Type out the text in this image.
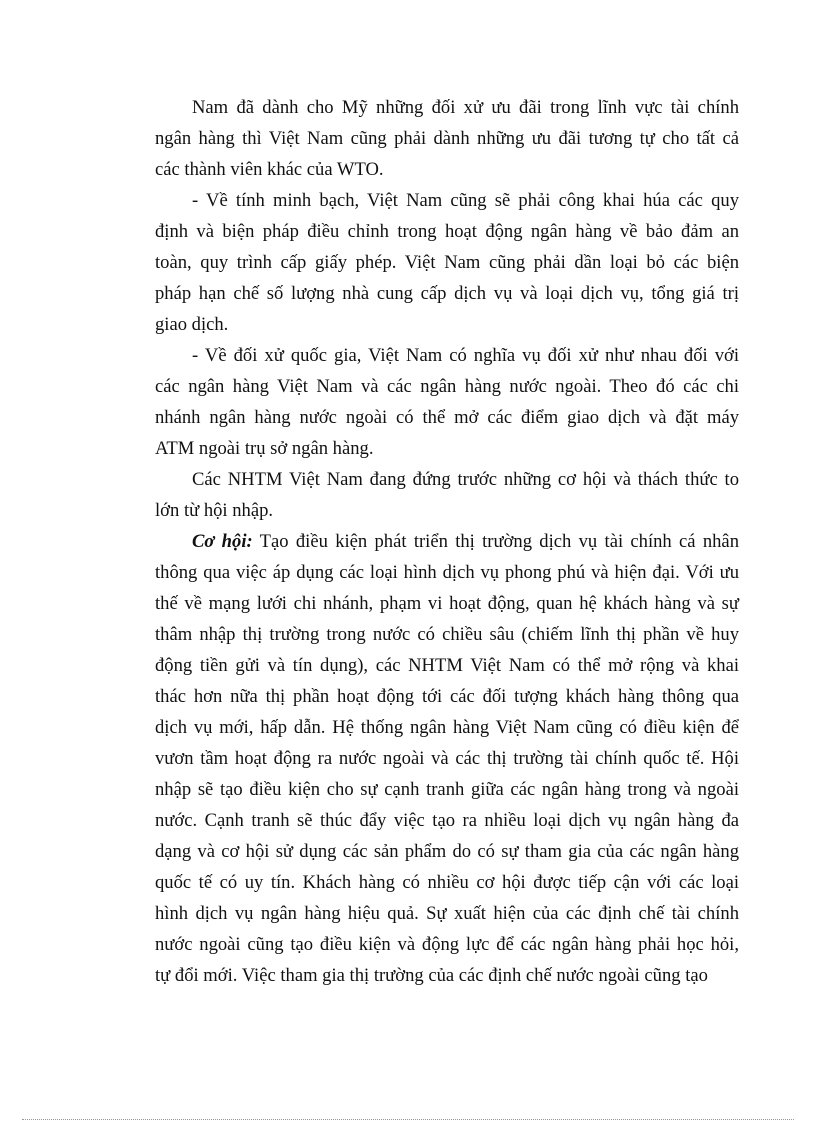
Nam đã dành cho Mỹ những đối xử ưu đãi trong lĩnh vực tài chính
ngân hàng thì Việt Nam cũng phải dành những ưu đãi tương tự cho tất cả
các thành viên khác của WTO.
- Về tính minh bạch, Việt Nam cũng sẽ phải công khai húa các quy
định và biện pháp điều chỉnh trong hoạt động ngân hàng về bảo đảm an
toàn, quy trình cấp giấy phép. Việt Nam cũng phải dần loại bỏ các biện
pháp hạn chế số lượng nhà cung cấp dịch vụ và loại dịch vụ, tổng giá trị
giao dịch.
- Về đối xử quốc gia, Việt Nam có nghĩa vụ đối xử như nhau đối với
các ngân hàng Việt Nam và các ngân hàng nước ngoài. Theo đó các chi
nhánh ngân hàng nước ngoài có thể mở các điểm giao dịch và đặt máy
ATM ngoài trụ sở ngân hàng.
Các NHTM Việt Nam đang đứng trước những cơ hội và thách thức to
lớn từ hội nhập.
Cơ hội: Tạo điều kiện phát triển thị trường dịch vụ tài chính cá nhân
thông qua việc áp dụng các loại hình dịch vụ phong phú và hiện đại. Với ưu
thế về mạng lưới chi nhánh, phạm vi hoạt động, quan hệ khách hàng và sự
thâm nhập thị trường trong nước có chiều sâu (chiếm lĩnh thị phần về huy
động tiền gửi và tín dụng), các NHTM Việt Nam có thể mở rộng và khai
thác hơn nữa thị phần hoạt động tới các đối tượng khách hàng thông qua
dịch vụ mới, hấp dẫn. Hệ thống ngân hàng Việt Nam cũng có điều kiện để
vươn tầm hoạt động ra nước ngoài và các thị trường tài chính quốc tế. Hội
nhập sẽ tạo điều kiện cho sự cạnh tranh giữa các ngân hàng trong và ngoài
nước. Cạnh tranh sẽ thúc đẩy việc tạo ra nhiều loại dịch vụ ngân hàng đa
dạng và cơ hội sử dụng các sản phẩm do có sự tham gia của các ngân hàng
quốc tế có uy tín. Khách hàng có nhiều cơ hội được tiếp cận với các loại
hình dịch vụ ngân hàng hiệu quả. Sự xuất hiện của các định chế tài chính
nước ngoài cũng tạo điều kiện và động lực để các ngân hàng phải học hỏi,
tự đổi mới. Việc tham gia thị trường của các định chế nước ngoài cũng tạo
